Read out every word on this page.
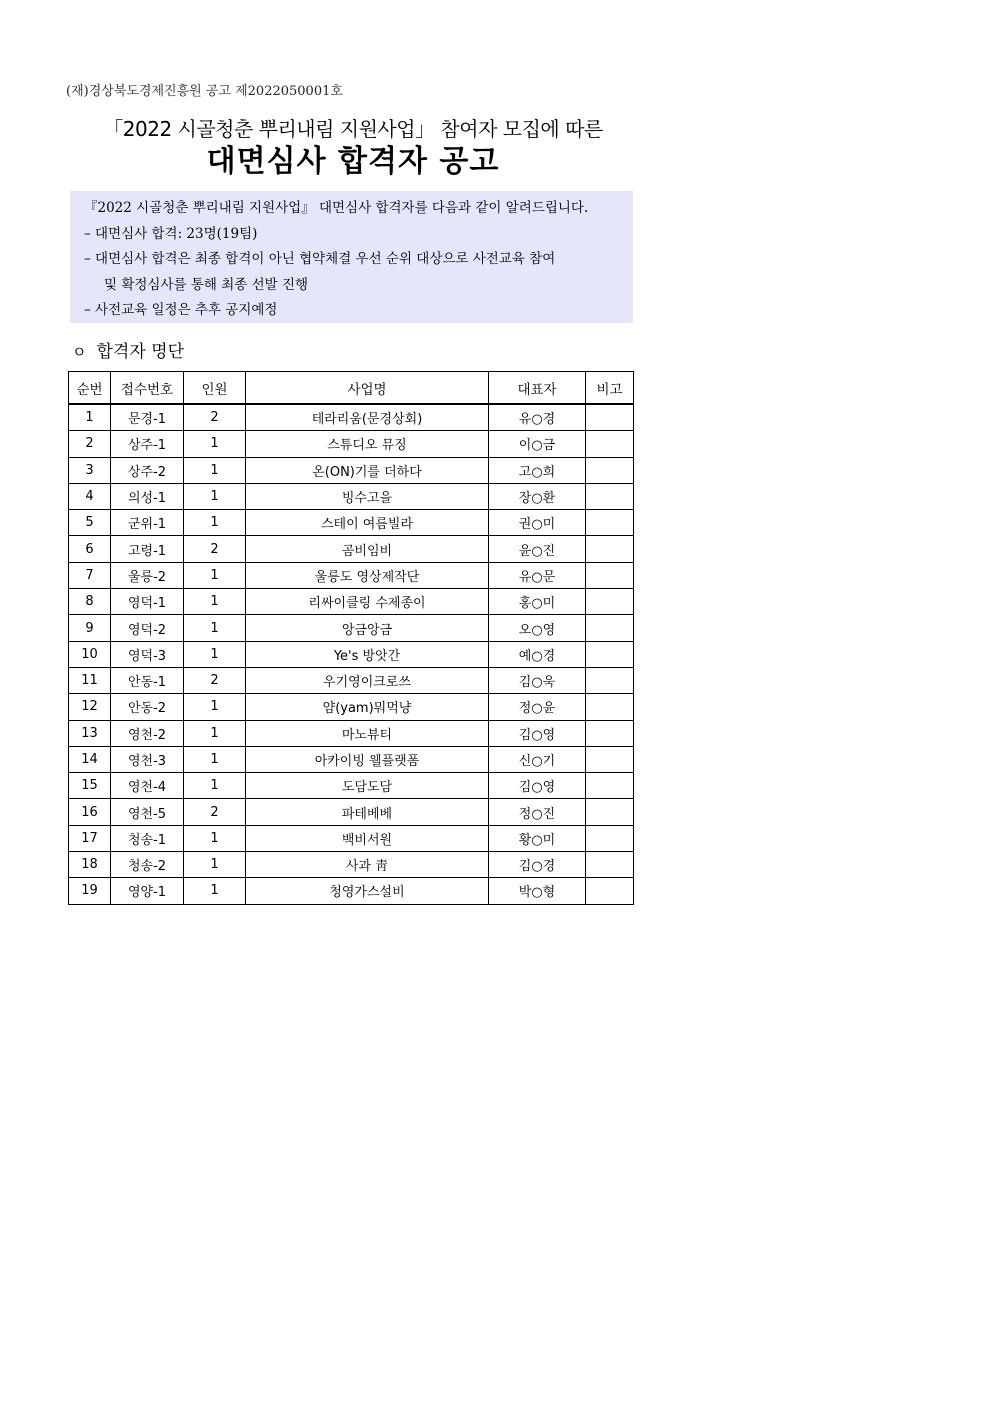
(재)경상북도경제진흥원 공고 제2022050001호
「2022 시골청춘 뿌리내림 지원사업」 참여자 모집에 따른
대면심사 합격자 공고
『2022 시골청춘 뿌리내림 지원사업』 대면심사 합격자를 다음과 같이 알려드립니다.
– 대면심사 합격: 23명(19팀)
– 대면심사 합격은 최종 합격이 아닌 협약체결 우선 순위 대상으로 사전교육 참여
및 확정심사를 통해 최종 선발 진행
– 사전교육 일정은 추후 공지예정
ㅇ 합격자 명단
순번	접수번호	인원	사업명	대표자	비고
1	문경-1	2	테라리움(문경상회)	유○경	
2	상주-1	1	스튜디오 뮤징	이○금	
3	상주-2	1	온(ON)기를 더하다	고○희	
4	의성-1	1	빙수고을	장○환	
5	군위-1	1	스테이 여름빌라	권○미	
6	고령-1	2	곰비임비	윤○진	
7	울릉-2	1	울릉도 영상제작단	유○문	
8	영덕-1	1	리싸이클링 수제종이	홍○미	
9	영덕-2	1	앙금앙금	오○영	
10	영덕-3	1	Ye's 방앗간	예○경	
11	안동-1	2	우기영이크로쓰	김○욱	
12	안동-2	1	얌(yam)뭐먹냥	정○윤	
13	영천-2	1	마노뷰티	김○영	
14	영천-3	1	아카이빙 웰플랫폼	신○기	
15	영천-4	1	도담도담	김○영	
16	영천-5	2	파테베베	정○진	
17	청송-1	1	백비서원	황○미	
18	청송-2	1	사과 靑	김○경	
19	영양-1	1	청영가스설비	박○형	
